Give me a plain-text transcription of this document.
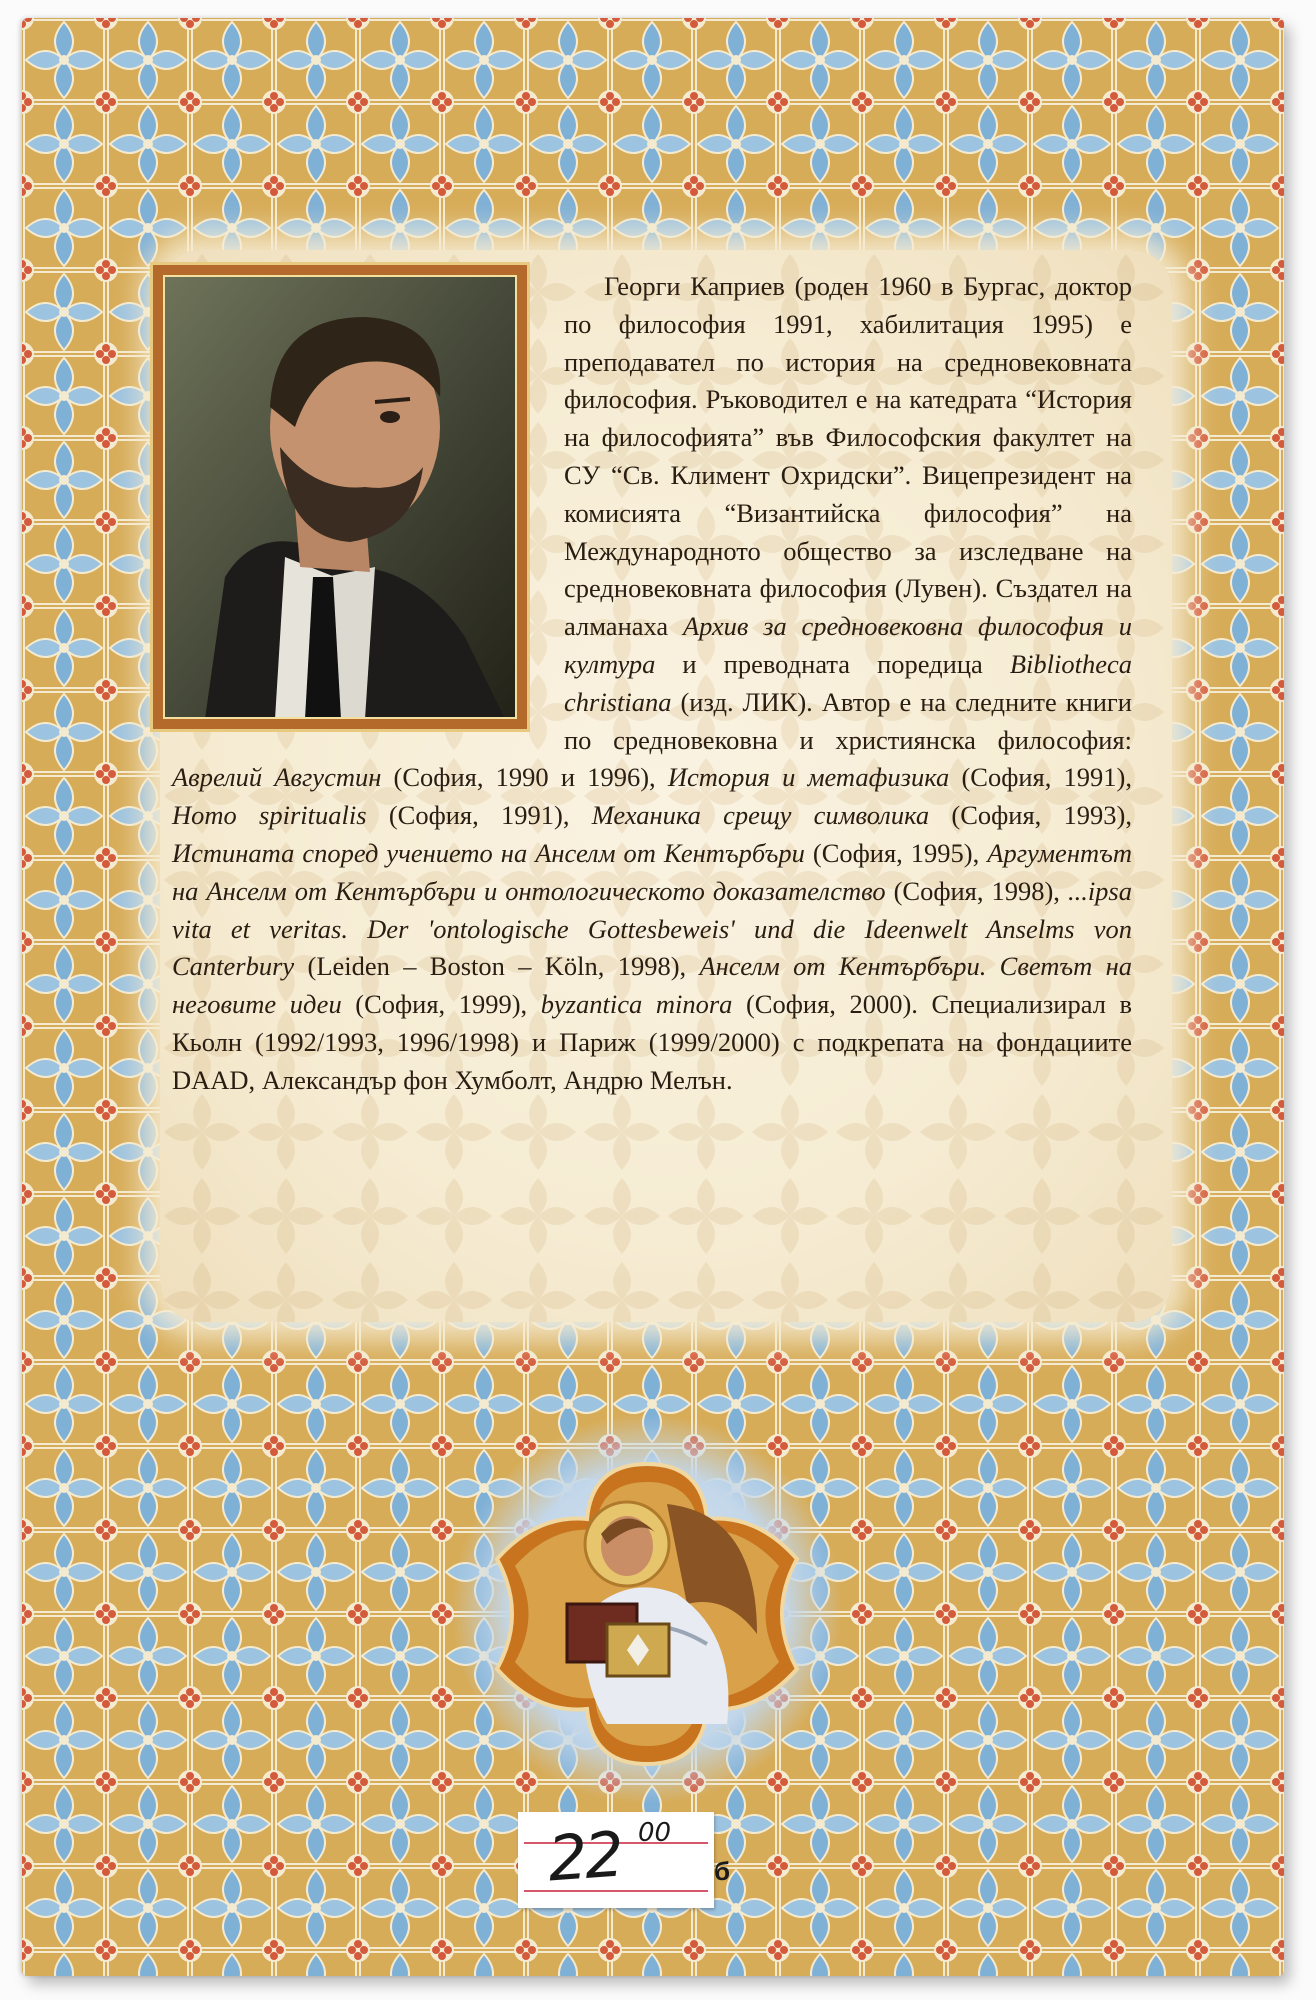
Георги Каприев (роден 1960 в Бургас, доктор по философия 1991, хабилитация 1995) е преподавател по история на средновековната философия. Ръководител е на катедрата “История на философията” във Философския факултет на СУ “Св. Климент Охридски”. Вицепрезидент на комисията “Византийска философия” на Международното общество за изследване на средновековната философия (Лувен). Създател на алманаха Архив за средновековна философия и култура и преводната поредица Bibliotheca christiana (изд. ЛИК). Автор е на следните книги по средновековна и християнска философия: Аврелий Августин (София, 1990 и 1996), История и метафизика (София, 1991), Homo spiritualis (София, 1991), Механика срещу символика (София, 1993), Истината според учението на Анселм от Кентърбъри (София, 1995), Аргументът на Анселм от Кентърбъри и онтологическото доказателство (София, 1998), ...ipsa vita et veritas. Der 'ontologische Gottesbeweis' und die Ideenwelt Anselms von Canterbury (Leiden – Boston – Köln, 1998), Анселм от Кентърбъри. Светът на неговите идеи (София, 1999), byzantica minora (София, 2000). Специализирал в Кьолн (1992/1993, 1996/1998) и Париж (1999/2000) с подкрепата на фондациите DAAD, Александър фон Хумболт, Андрю Мелън.

22 00
б
